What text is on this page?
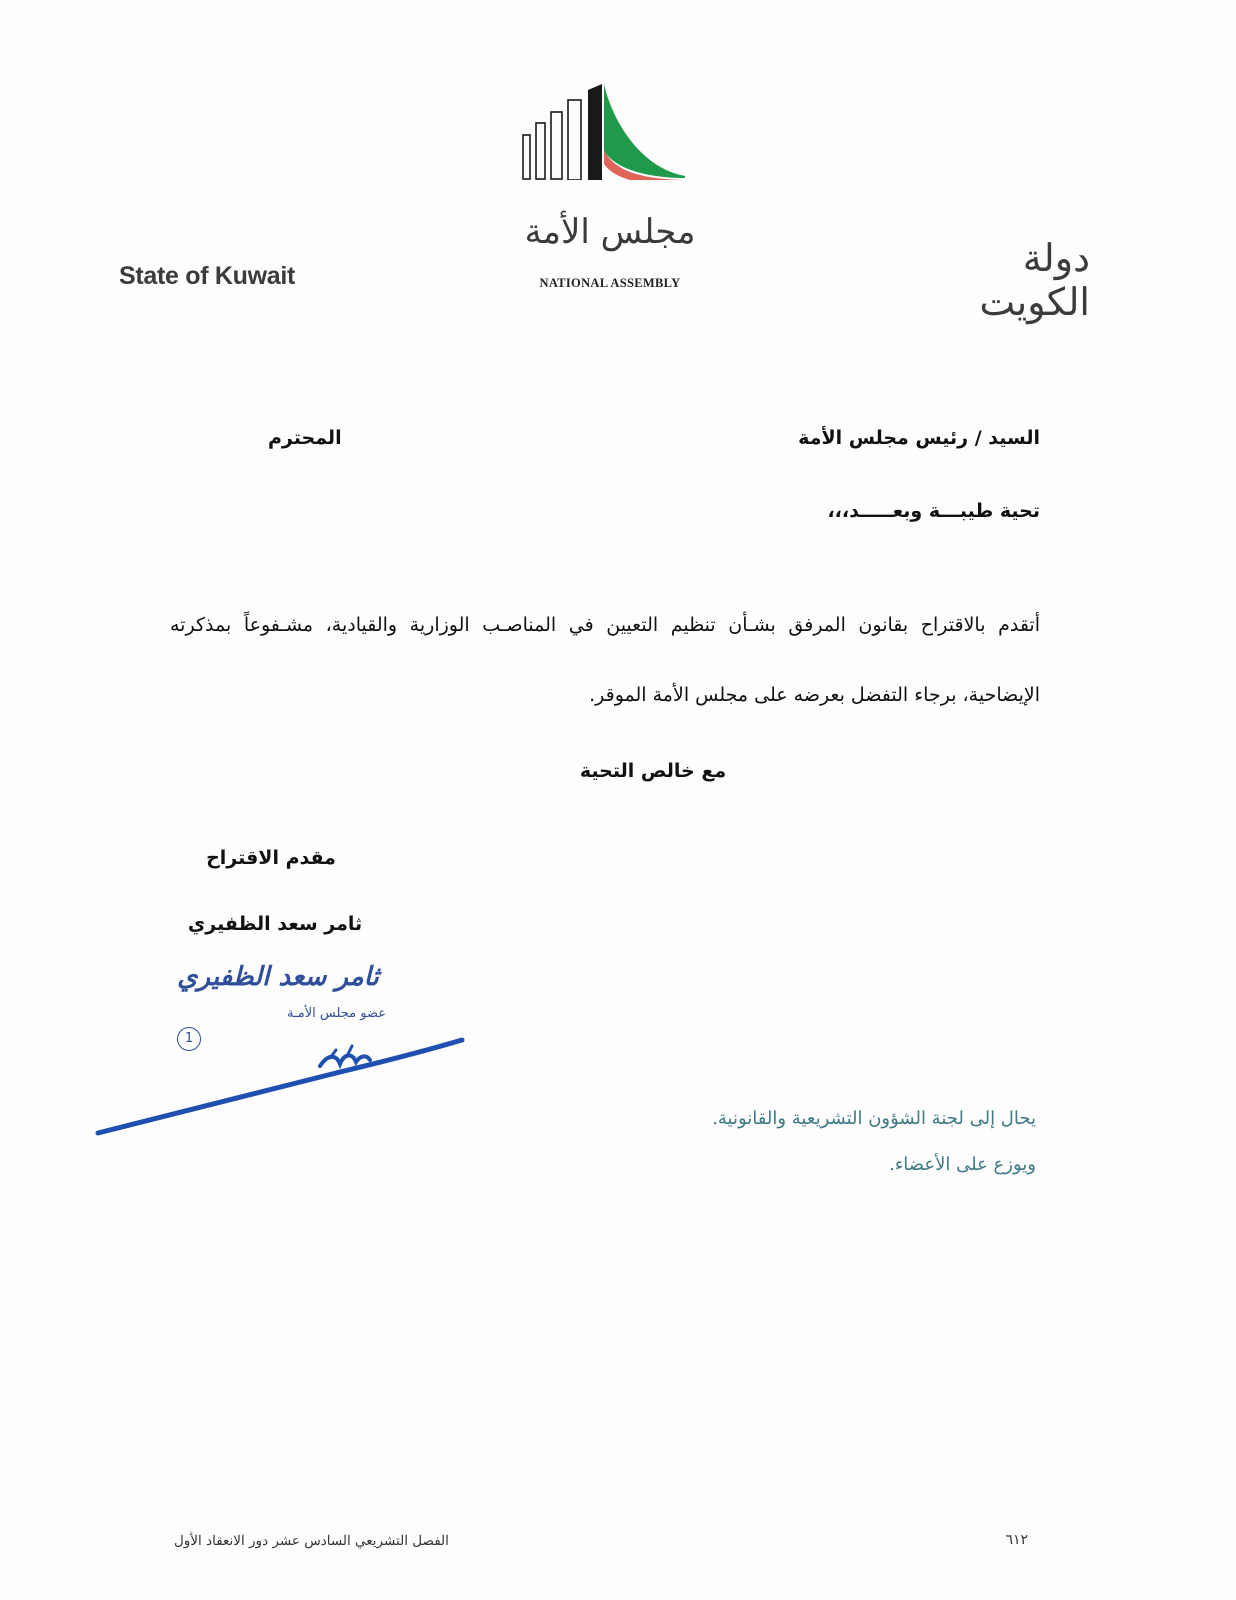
State of Kuwait	دولة الكويت
مجلس الأمة
NATIONAL ASSEMBLY
السيد / رئيس مجلس الأمة
المحترم
تحية طيبـــة وبعـــــد،،،
أتقدم بالاقتراح بقانون المرفق بشـأن تنظيم التعيين في المناصـب الوزارية والقيادية، مشـفوعاً بمذكرته الإيضاحية، برجاء التفضل بعرضه على مجلس الأمة الموقر.
مع خالص التحية
مقدم الاقتراح
ثامر سعد الظفيري
ثامر سعد الظفيري
عضو مجلس الأمـة
1
يحال إلى لجنة الشؤون التشريعية والقانونية.
ويوزع على الأعضاء.
الفصل التشريعي السادس عشر دور الانعقاد الأول	٦١٢
